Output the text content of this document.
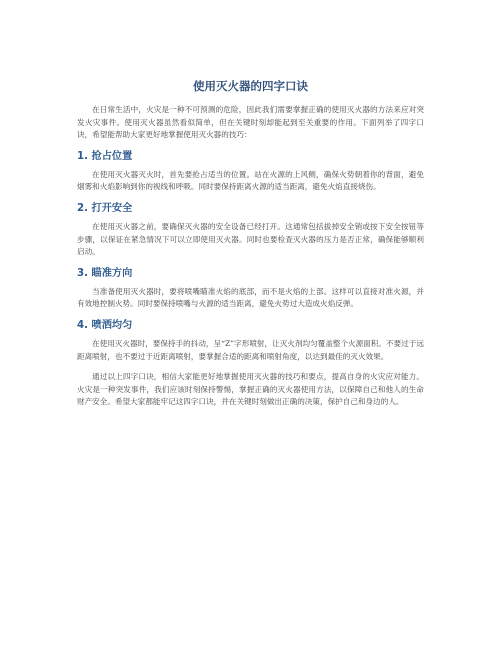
使用灭火器的四字口诀

在日常生活中，火灾是一种不可预测的危险，因此我们需要掌握正确的使用灭火器的方法来应对突发火灾事件。使用灭火器虽然看似简单，但在关键时刻却能起到至关重要的作用。下面列举了四字口诀，希望能帮助大家更好地掌握使用灭火器的技巧：

1. 抢占位置

在使用灭火器灭火时，首先要抢占适当的位置。站在火源的上风侧，确保火势朝着你的背面，避免烟雾和火焰影响到你的视线和呼吸。同时要保持距离火源的适当距离，避免火焰直接烧伤。

2. 打开安全

在使用灭火器之前，要确保灭火器的安全设备已经打开。这通常包括拔掉安全销或按下安全按钮等步骤，以保证在紧急情况下可以立即使用灭火器。同时也要检查灭火器的压力是否正常，确保能够顺利启动。

3. 瞄准方向

当准备使用灭火器时，要将喷嘴瞄准火焰的底部，而不是火焰的上部。这样可以直接对准火源，并有效地控制火势。同时要保持喷嘴与火源的适当距离，避免火势过大造成火焰反弹。

4. 喷洒均匀

在使用灭火器时，要保持手的抖动，呈“Z”字形喷射，让灭火剂均匀覆盖整个火源面积。不要过于远距离喷射，也不要过于近距离喷射，要掌握合适的距离和喷射角度，以达到最佳的灭火效果。

通过以上四字口诀，相信大家能更好地掌握使用灭火器的技巧和要点，提高自身的火灾应对能力。火灾是一种突发事件，我们应该时刻保持警惕，掌握正确的灭火器使用方法，以保障自己和他人的生命财产安全。希望大家都能牢记这四字口诀，并在关键时刻做出正确的决策，保护自己和身边的人。
